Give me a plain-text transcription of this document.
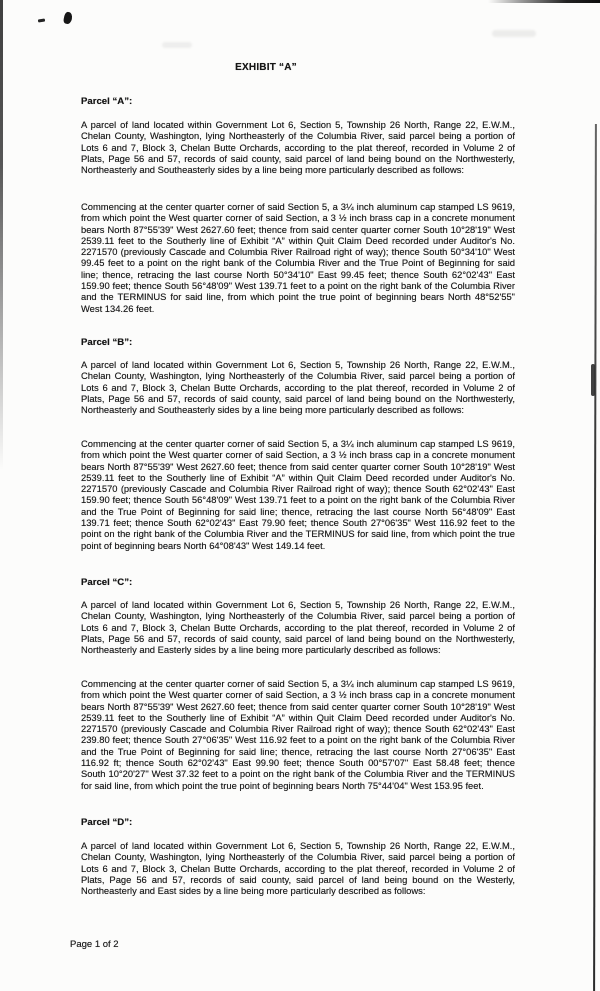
EXHIBIT “A”
Parcel “A”:
A parcel of land located within Government Lot 6, Section 5, Township 26 North, Range 22, E.W.M., Chelan County, Washington, lying Northeasterly of the Columbia River, said parcel being a portion of Lots 6 and 7, Block 3, Chelan Butte Orchards, according to the plat thereof, recorded in Volume 2 of Plats, Page 56 and 57, records of said county, said parcel of land being bound on the Northwesterly, Northeasterly and Southeasterly sides by a line being more particularly described as follows:
Commencing at the center quarter corner of said Section 5, a 3¼ inch aluminum cap stamped LS 9619, from which point the West quarter corner of said Section, a 3 ½ inch brass cap in a concrete monument bears North 87°55'39" West 2627.60 feet; thence from said center quarter corner South 10°28'19" West 2539.11 feet to the Southerly line of Exhibit “A” within Quit Claim Deed recorded under Auditor's No. 2271570 (previously Cascade and Columbia River Railroad right of way); thence South 50°34'10" West 99.45 feet to a point on the right bank of the Columbia River and the True Point of Beginning for said line; thence, retracing the last course North 50°34'10" East 99.45 feet; thence South 62°02'43" East 159.90 feet; thence South 56°48'09" West 139.71 feet to a point on the right bank of the Columbia River and the TERMINUS for said line, from which point the true point of beginning bears North 48°52'55" West 134.26 feet.
Parcel “B”:
A parcel of land located within Government Lot 6, Section 5, Township 26 North, Range 22, E.W.M., Chelan County, Washington, lying Northeasterly of the Columbia River, said parcel being a portion of Lots 6 and 7, Block 3, Chelan Butte Orchards, according to the plat thereof, recorded in Volume 2 of Plats, Page 56 and 57, records of said county, said parcel of land being bound on the Northwesterly, Northeasterly and Southeasterly sides by a line being more particularly described as follows:
Commencing at the center quarter corner of said Section 5, a 3¼ inch aluminum cap stamped LS 9619, from which point the West quarter corner of said Section, a 3 ½ inch brass cap in a concrete monument bears North 87°55'39" West 2627.60 feet; thence from said center quarter corner South 10°28'19" West 2539.11 feet to the Southerly line of Exhibit “A” within Quit Claim Deed recorded under Auditor's No. 2271570 (previously Cascade and Columbia River Railroad right of way); thence South 62°02'43" East 159.90 feet; thence South 56°48'09" West 139.71 feet to a point on the right bank of the Columbia River and the True Point of Beginning for said line; thence, retracing the last course North 56°48'09" East 139.71 feet; thence South 62°02'43" East 79.90 feet; thence South 27°06'35" West 116.92 feet to the point on the right bank of the Columbia River and the TERMINUS for said line, from which point the true point of beginning bears North 64°08'43" West 149.14 feet.
Parcel “C”:
A parcel of land located within Government Lot 6, Section 5, Township 26 North, Range 22, E.W.M., Chelan County, Washington, lying Northeasterly of the Columbia River, said parcel being a portion of Lots 6 and 7, Block 3, Chelan Butte Orchards, according to the plat thereof, recorded in Volume 2 of Plats, Page 56 and 57, records of said county, said parcel of land being bound on the Northwesterly, Northeasterly and Easterly sides by a line being more particularly described as follows:
Commencing at the center quarter corner of said Section 5, a 3¼ inch aluminum cap stamped LS 9619, from which point the West quarter corner of said Section, a 3 ½ inch brass cap in a concrete monument bears North 87°55'39" West 2627.60 feet; thence from said center quarter corner South 10°28'19" West 2539.11 feet to the Southerly line of Exhibit “A” within Quit Claim Deed recorded under Auditor's No. 2271570 (previously Cascade and Columbia River Railroad right of way); thence South 62°02'43" East 239.80 feet; thence South 27°06'35" West 116.92 feet to a point on the right bank of the Columbia River and the True Point of Beginning for said line; thence, retracing the last course North 27°06'35" East 116.92 ft; thence South 62°02'43" East 99.90 feet; thence South 00°57'07" East 58.48 feet; thence South 10°20'27" West 37.32 feet to a point on the right bank of the Columbia River and the TERMINUS for said line, from which point the true point of beginning bears North 75°44'04" West 153.95 feet.
Parcel “D”:
A parcel of land located within Government Lot 6, Section 5, Township 26 North, Range 22, E.W.M., Chelan County, Washington, lying Northeasterly of the Columbia River, said parcel being a portion of Lots 6 and 7, Block 3, Chelan Butte Orchards, according to the plat thereof, recorded in Volume 2 of Plats, Page 56 and 57, records of said county, said parcel of land being bound on the Westerly, Northeasterly and East sides by a line being more particularly described as follows:
Page 1 of 2
